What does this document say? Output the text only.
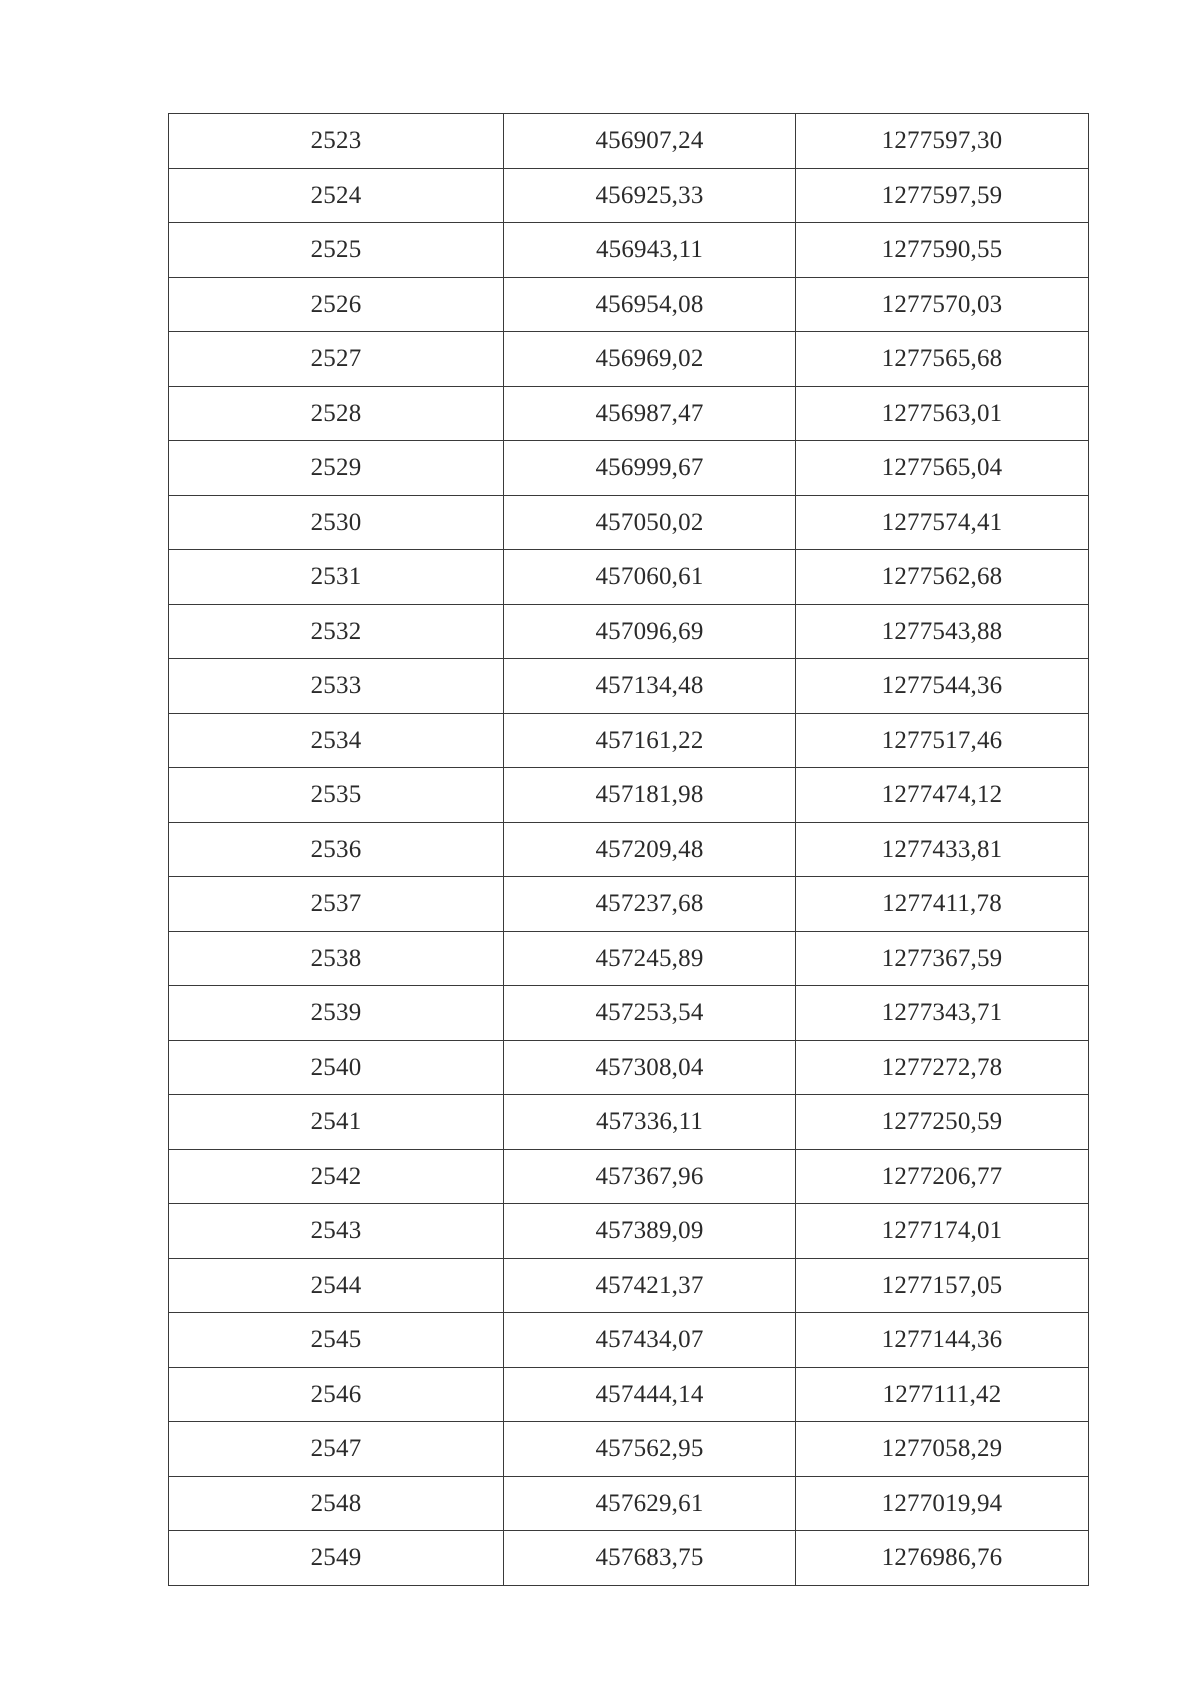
2523	456907,24	1277597,30
2524	456925,33	1277597,59
2525	456943,11	1277590,55
2526	456954,08	1277570,03
2527	456969,02	1277565,68
2528	456987,47	1277563,01
2529	456999,67	1277565,04
2530	457050,02	1277574,41
2531	457060,61	1277562,68
2532	457096,69	1277543,88
2533	457134,48	1277544,36
2534	457161,22	1277517,46
2535	457181,98	1277474,12
2536	457209,48	1277433,81
2537	457237,68	1277411,78
2538	457245,89	1277367,59
2539	457253,54	1277343,71
2540	457308,04	1277272,78
2541	457336,11	1277250,59
2542	457367,96	1277206,77
2543	457389,09	1277174,01
2544	457421,37	1277157,05
2545	457434,07	1277144,36
2546	457444,14	1277111,42
2547	457562,95	1277058,29
2548	457629,61	1277019,94
2549	457683,75	1276986,76
